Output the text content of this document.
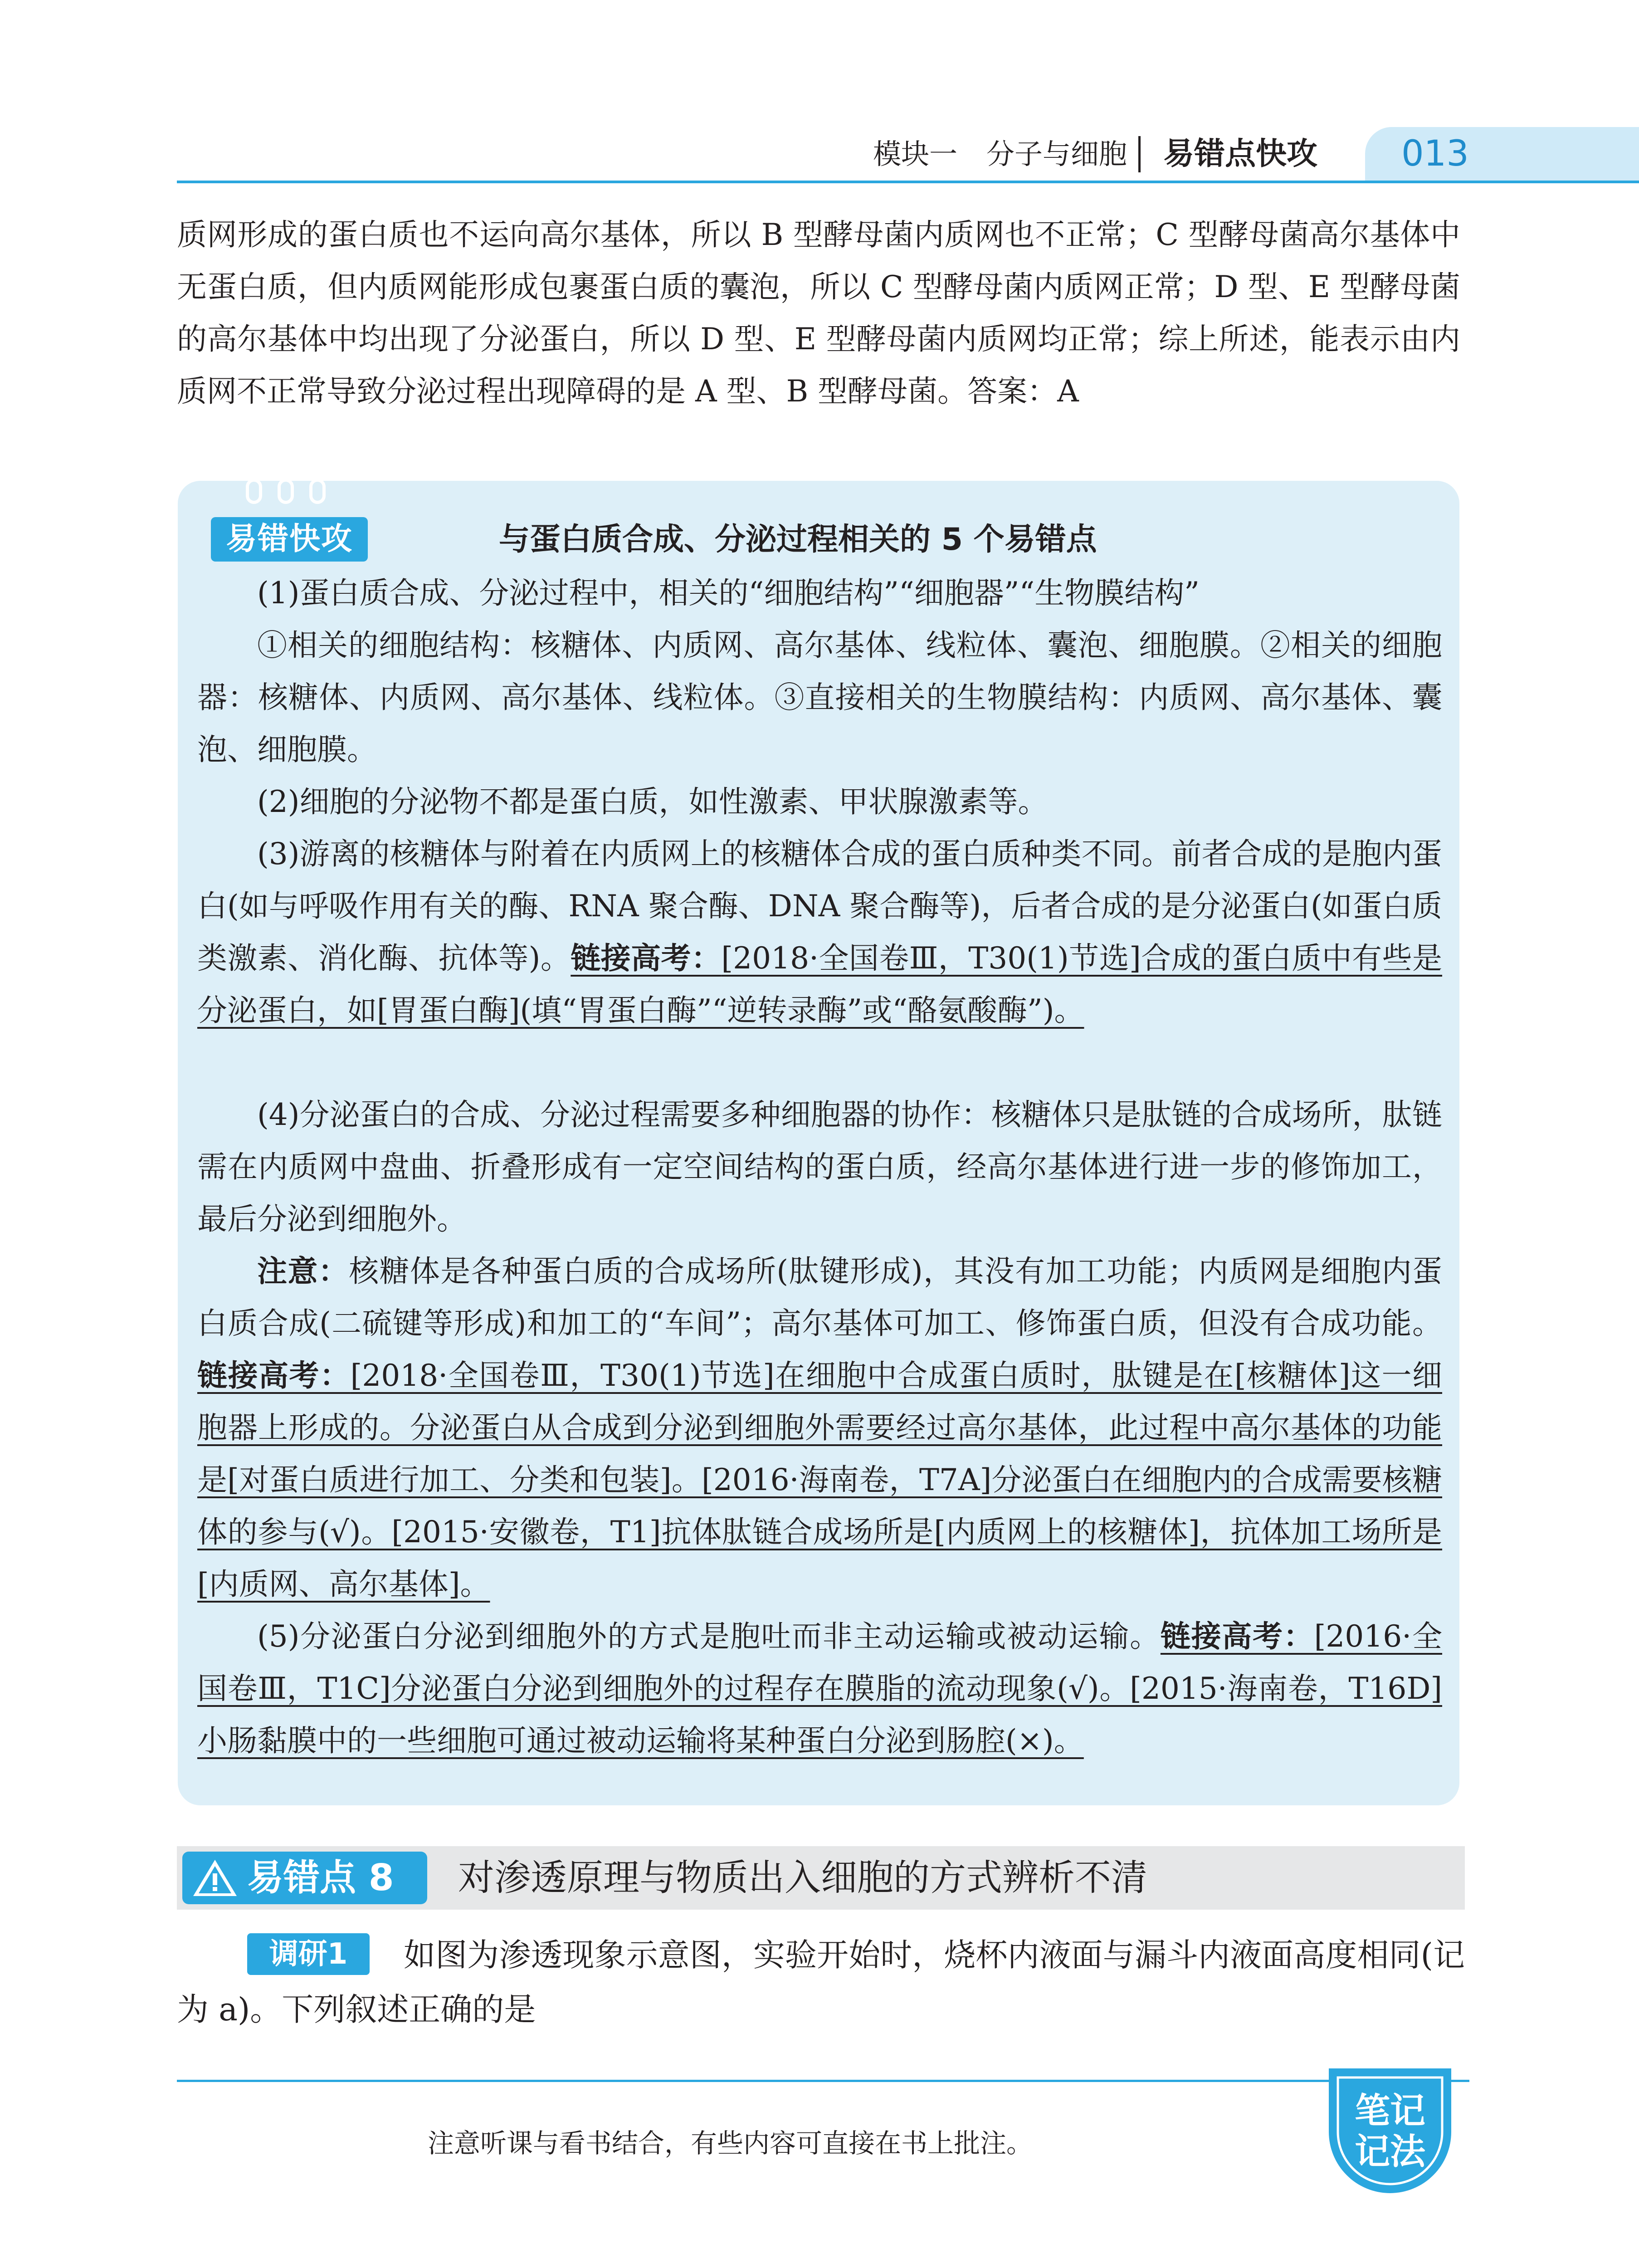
013
模块一 分子与细胞 易错点快攻

质网形成的蛋白质也不运向高尔基体，所以 B 型酵母菌内质网也不正常；C 型酵母菌高尔基体中无蛋白质，但内质网能形成包裹蛋白质的囊泡，所以 C 型酵母菌内质网正常；D 型、E 型酵母菌的高尔基体中均出现了分泌蛋白，所以 D 型、E 型酵母菌内质网均正常；综上所述，能表示由内质网不正常导致分泌过程出现障碍的是 A 型、B 型酵母菌。答案：A

易错快攻	与蛋白质合成、分泌过程相关的 5 个易错点

(1)蛋白质合成、分泌过程中，相关的“细胞结构”“细胞器”“生物膜结构”

①相关的细胞结构：核糖体、内质网、高尔基体、线粒体、囊泡、细胞膜。②相关的细胞器：核糖体、内质网、高尔基体、线粒体。③直接相关的生物膜结构：内质网、高尔基体、囊泡、细胞膜。

(2)细胞的分泌物不都是蛋白质，如性激素、甲状腺激素等。

(3)游离的核糖体与附着在内质网上的核糖体合成的蛋白质种类不同。前者合成的是胞内蛋白(如与呼吸作用有关的酶、RNA 聚合酶、DNA 聚合酶等)，后者合成的是分泌蛋白(如蛋白质类激素、消化酶、抗体等)。链接高考：[2018·全国卷Ⅲ，T30(1)节选]合成的蛋白质中有些是分泌蛋白，如[胃蛋白酶](填“胃蛋白酶”“逆转录酶”或“酪氨酸酶”)。

(4)分泌蛋白的合成、分泌过程需要多种细胞器的协作：核糖体只是肽链的合成场所，肽链需在内质网中盘曲、折叠形成有一定空间结构的蛋白质，经高尔基体进行进一步的修饰加工，最后分泌到细胞外。

注意：核糖体是各种蛋白质的合成场所(肽键形成)，其没有加工功能；内质网是细胞内蛋白质合成(二硫键等形成)和加工的“车间”；高尔基体可加工、修饰蛋白质，但没有合成功能。链接高考：[2018·全国卷Ⅲ，T30(1)节选]在细胞中合成蛋白质时，肽键是在[核糖体]这一细胞器上形成的。分泌蛋白从合成到分泌到细胞外需要经过高尔基体，此过程中高尔基体的功能是[对蛋白质进行加工、分类和包装]。[2016·海南卷，T7A]分泌蛋白在细胞内的合成需要核糖体的参与(√)。[2015·安徽卷，T1]抗体肽链合成场所是[内质网上的核糖体]，抗体加工场所是[内质网、高尔基体]。

(5)分泌蛋白分泌到细胞外的方式是胞吐而非主动运输或被动运输。链接高考：[2016·全国卷Ⅲ，T1C]分泌蛋白分泌到细胞外的过程存在膜脂的流动现象(√)。[2015·海南卷，T16D]小肠黏膜中的一些细胞可通过被动运输将某种蛋白分泌到肠腔(×)。

易错点 8 对渗透原理与物质出入细胞的方式辨析不清
调研1	如图为渗透现象示意图，实验开始时，烧杯内液面与漏斗内液面高度相同(记为 a)。下列叙述正确的是

注意听课与看书结合，有些内容可直接在书上批注。
笔记
记法
